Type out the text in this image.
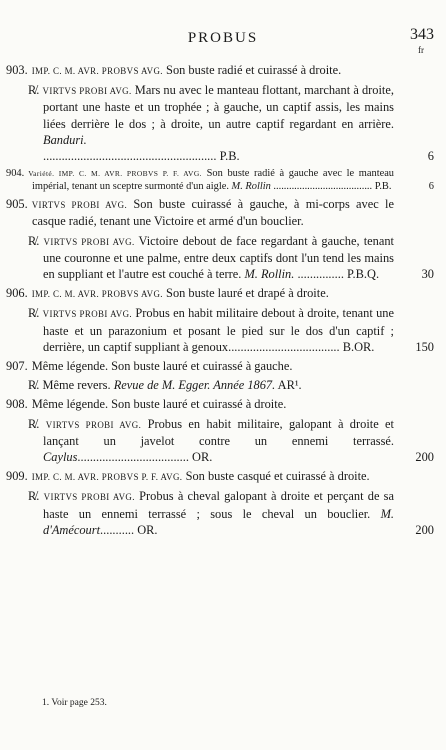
PROBUS	343
fr
903. IMP. C. M. AVR. PROBVS AVG. Son buste radié et cuirassé à droite.
R̸. VIRTVS PROBI AVG. Mars nu avec le manteau flottant, marchant à droite, portant une haste et un trophée ; à gauche, un captif assis, les mains liées derrière le dos ; à droite, un autre captif regardant en arrière. Banduri.
........................................................ P.B.	6
904. Variété. IMP. C. M. AVR. PROBVS P. F. AVG. Son buste radié à gauche avec le manteau impérial, tenant un sceptre surmonté d'un aigle. M. Rollin ...................................... P.B.	6
905. VIRTVS PROBI AVG. Son buste cuirassé à gauche, à mi-corps avec le casque radié, tenant une Victoire et armé d'un bouclier.
R̸. VIRTVS PROBI AVG. Victoire debout de face regardant à gauche, tenant une couronne et une palme, entre deux captifs dont l'un tend les mains en suppliant et l'autre est couché à terre. M. Rollin. ............... P.B.Q.	30
906. IMP. C. M. AVR. PROBVS AVG. Son buste lauré et drapé à droite.
R̸. VIRTVS PROBI AVG. Probus en habit militaire debout à droite, tenant une haste et un parazonium et posant le pied sur le dos d'un captif ; derrière, un captif suppliant à genoux.................................... B.OR.	150
907. Même légende. Son buste lauré et cuirassé à gauche.
R̸. Même revers. Revue de M. Egger. Année 1867. AR¹.
908. Même légende. Son buste lauré et cuirassé à droite.
R̸. VIRTVS PROBI AVG. Probus en habit militaire, galopant à droite et lançant un javelot contre un ennemi terrassé. Caylus.................................... OR.	200
909. IMP. C. M. AVR. PROBVS P. F. AVG. Son buste casqué et cuirassé à droite.
R̸. VIRTVS PROBI AVG. Probus à cheval galopant à droite et perçant de sa haste un ennemi terrassé ; sous le cheval un bouclier. M. d'Amécourt........... OR.	200
1. Voir page 253.
